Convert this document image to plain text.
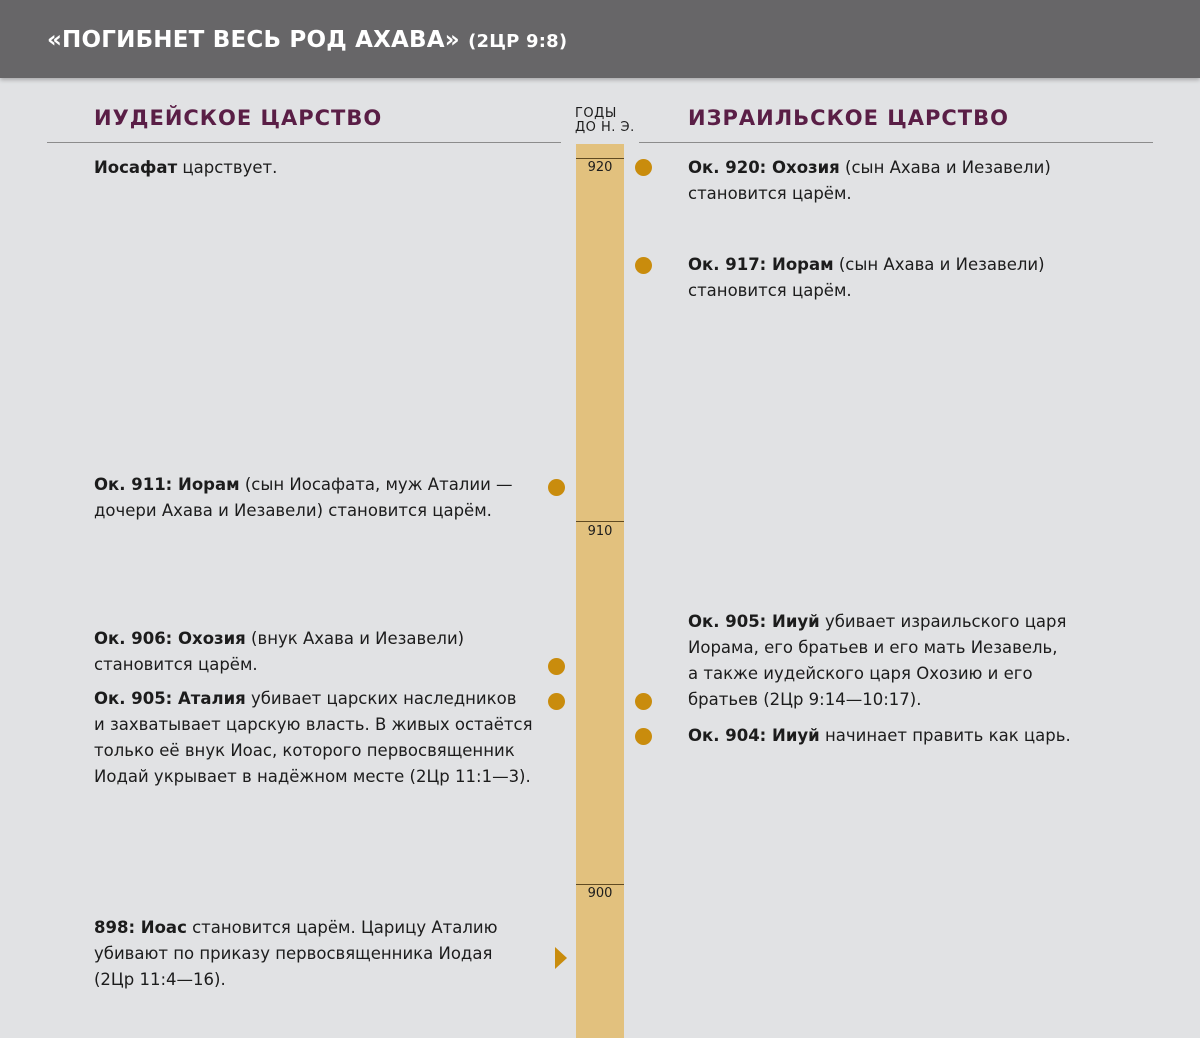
«ПОГИБНЕТ ВЕСЬ РОД АХАВА» (2ЦР 9:8)
ИУДЕЙСКОЕ ЦАРСТВО	ИЗРАИЛЬСКОЕ ЦАРСТВО
ГОДЫ
ДО Н. Э.
920
910
900
Иосафат царствует.
Ок. 911: Иорам (сын Иосафата, муж Аталии —
дочери Ахава и Иезавели) становится царём.
Ок. 906: Охозия (внук Ахава и Иезавели)
становится царём.
Ок. 905: Аталия убивает царских наследников
и захватывает царскую власть. В живых остаётся
только её внук Иоас, которого первосвященник
Иодай укрывает в надёжном месте (2Цр 11:1—3).
898: Иоас становится царём. Царицу Аталию
убивают по приказу первосвященника Иодая
(2Цр 11:4—16).
Ок. 920: Охозия (сын Ахава и Иезавели)
становится царём.
Ок. 917: Иорам (сын Ахава и Иезавели)
становится царём.
Ок. 905: Ииуй убивает израильского царя
Иорама, его братьев и его мать Иезавель,
а также иудейского царя Охозию и его
братьев (2Цр 9:14—10:17).
Ок. 904: Ииуй начинает править как царь.
